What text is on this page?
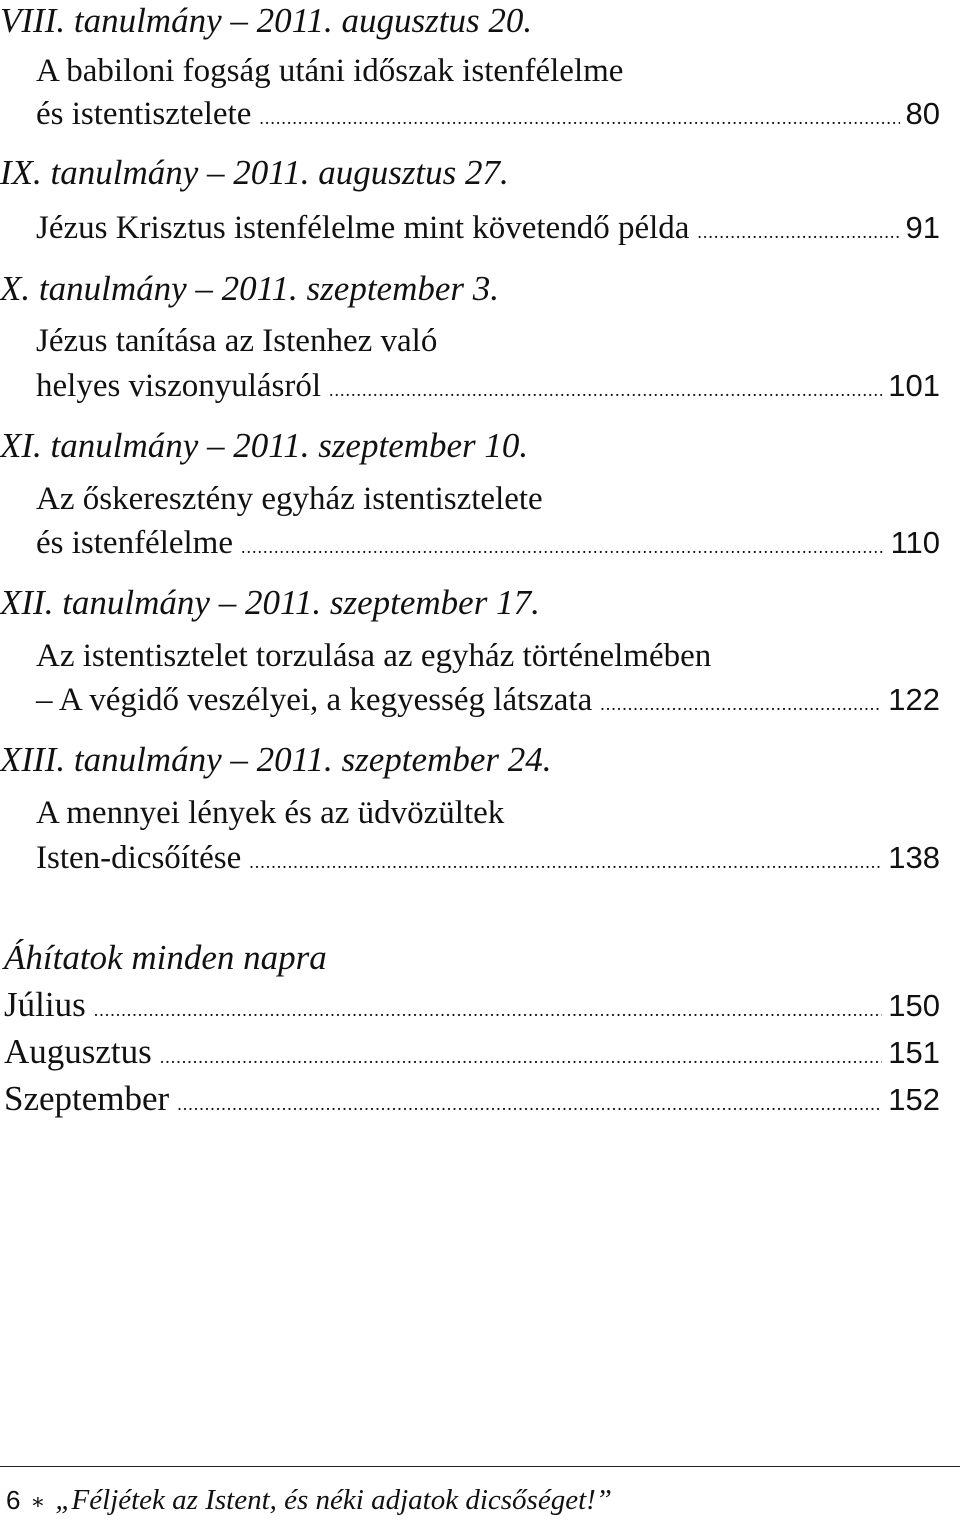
VIII. tanulmány – 2011. augusztus 20.
A babiloni fogság utáni időszak istenfélelme
és istentisztelete .....	80
IX. tanulmány – 2011. augusztus 27.
Jézus Krisztus istenfélelme mint követendő példa .....	91
X. tanulmány – 2011. szeptember 3.
Jézus tanítása az Istenhez való
helyes viszonyulásról .....	101
XI. tanulmány – 2011. szeptember 10.
Az őskeresztény egyház istentisztelete
és istenfélelme .....	110
XII. tanulmány – 2011. szeptember 17.
Az istentisztelet torzulása az egyház történelmében
– A végidő veszélyei, a kegyesség látszata .....	122
XIII. tanulmány – 2011. szeptember 24.
A mennyei lények és az üdvözültek
Isten-dicsőítése .....	138
Áhítatok minden napra
Július .....	150
Augusztus .....	151
Szeptember .....	152
6 ∗ „Féljétek az Istent, és néki adjatok dicsőséget!”
